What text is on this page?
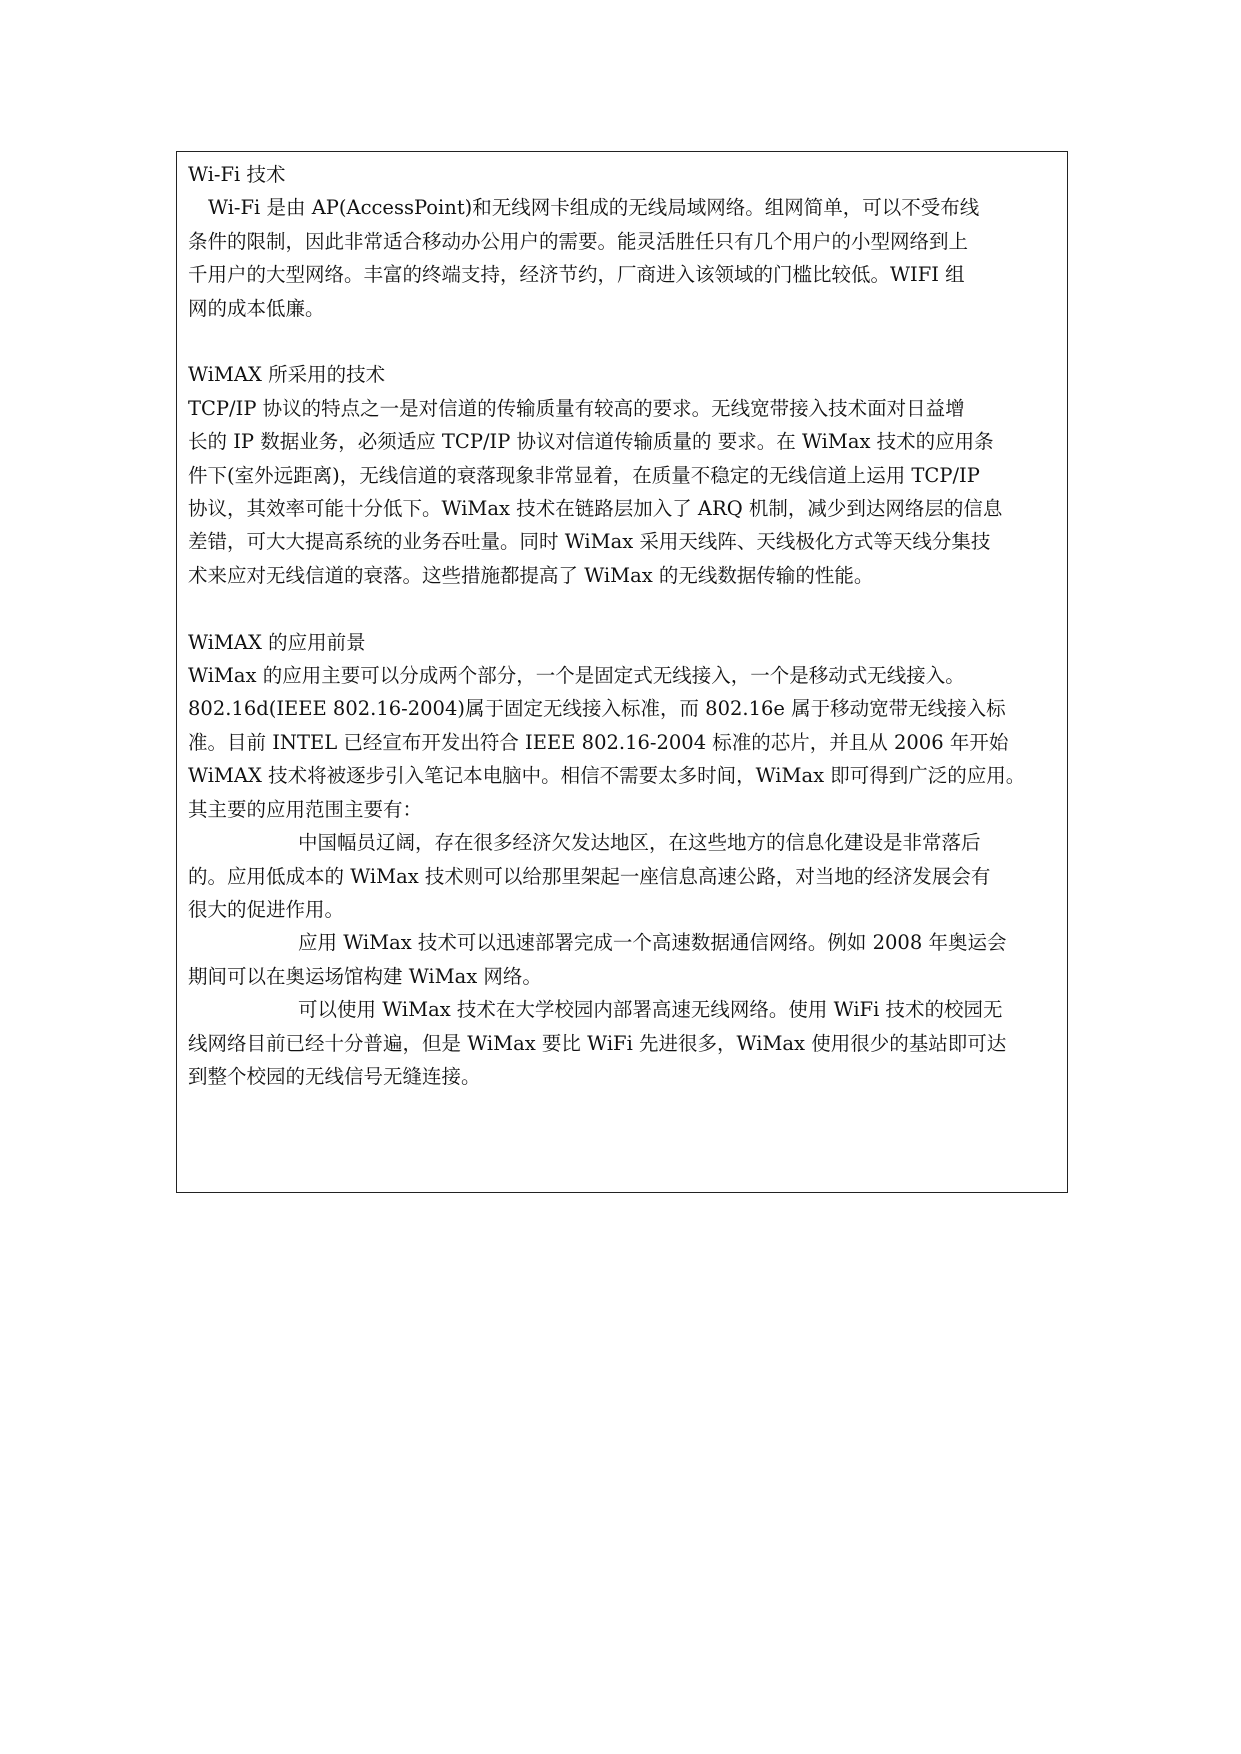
Wi-Fi 技术
Wi-Fi 是由 AP(AccessPoint)和无线网卡组成的无线局域网络。组网简单，可以不受布线
条件的限制，因此非常适合移动办公用户的需要。能灵活胜任只有几个用户的小型网络到上
千用户的大型网络。丰富的终端支持，经济节约，厂商进入该领域的门槛比较低。WIFI 组
网的成本低廉。
WiMAX 所采用的技术
TCP/IP 协议的特点之一是对信道的传输质量有较高的要求。无线宽带接入技术面对日益增
长的 IP 数据业务，必须适应 TCP/IP 协议对信道传输质量的 要求。在 WiMax 技术的应用条
件下(室外远距离)，无线信道的衰落现象非常显着，在质量不稳定的无线信道上运用 TCP/IP
协议，其效率可能十分低下。WiMax 技术在链路层加入了 ARQ 机制，减少到达网络层的信息
差错，可大大提高系统的业务吞吐量。同时 WiMax 采用天线阵、天线极化方式等天线分集技
术来应对无线信道的衰落。这些措施都提高了 WiMax 的无线数据传输的性能。
WiMAX 的应用前景
WiMax 的应用主要可以分成两个部分，一个是固定式无线接入，一个是移动式无线接入。
802.16d(IEEE 802.16-2004)属于固定无线接入标准，而 802.16e 属于移动宽带无线接入标
准。目前 INTEL 已经宣布开发出符合 IEEE 802.16-2004 标准的芯片，并且从 2006 年开始
WiMAX 技术将被逐步引入笔记本电脑中。相信不需要太多时间，WiMax 即可得到广泛的应用。
其主要的应用范围主要有：
中国幅员辽阔，存在很多经济欠发达地区，在这些地方的信息化建设是非常落后
的。应用低成本的 WiMax 技术则可以给那里架起一座信息高速公路，对当地的经济发展会有
很大的促进作用。
应用 WiMax 技术可以迅速部署完成一个高速数据通信网络。例如 2008 年奥运会
期间可以在奥运场馆构建 WiMax 网络。
可以使用 WiMax 技术在大学校园内部署高速无线网络。使用 WiFi 技术的校园无
线网络目前已经十分普遍，但是 WiMax 要比 WiFi 先进很多，WiMax 使用很少的基站即可达
到整个校园的无线信号无缝连接。
